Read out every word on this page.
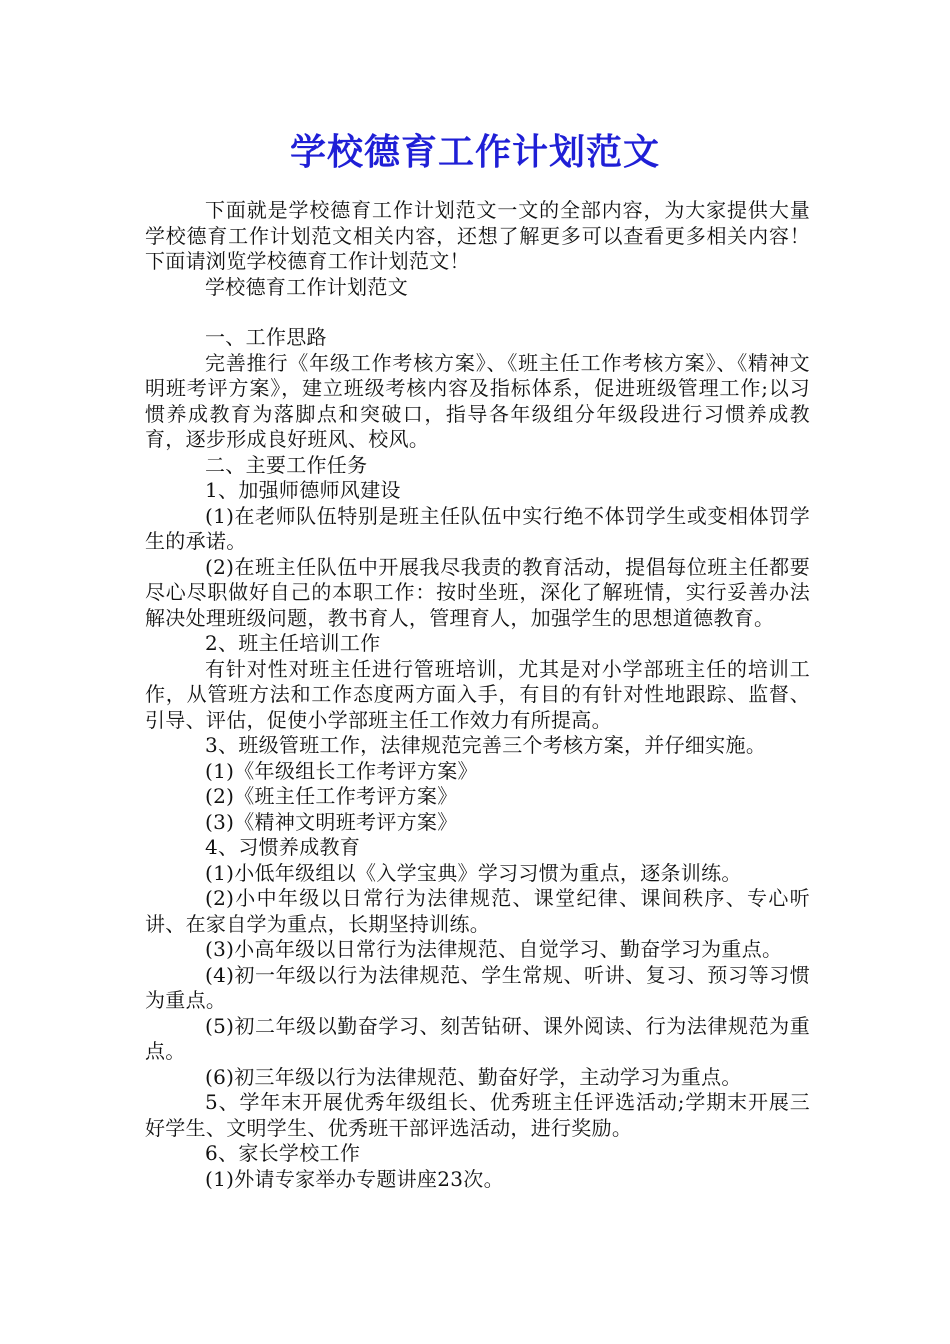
学校德育工作计划范文

下面就是学校德育工作计划范文一文的全部内容，为大家提供大量学校德育工作计划范文相关内容，还想了解更多可以查看更多相关内容！下面请浏览学校德育工作计划范文！

学校德育工作计划范文

一、工作思路

完善推行《年级工作考核方案》、《班主任工作考核方案》、《精神文明班考评方案》，建立班级考核内容及指标体系，促进班级管理工作;以习惯养成教育为落脚点和突破口，指导各年级组分年级段进行习惯养成教育，逐步形成良好班风、校风。

二、主要工作任务

1、加强师德师风建设

(1)在老师队伍特别是班主任队伍中实行绝不体罚学生或变相体罚学生的承诺。

(2)在班主任队伍中开展我尽我责的教育活动，提倡每位班主任都要尽心尽职做好自己的本职工作：按时坐班，深化了解班情，实行妥善办法解决处理班级问题，教书育人，管理育人，加强学生的思想道德教育。

2、班主任培训工作

有针对性对班主任进行管班培训，尤其是对小学部班主任的培训工作，从管班方法和工作态度两方面入手，有目的有针对性地跟踪、监督、引导、评估，促使小学部班主任工作效力有所提高。

3、班级管班工作，法律规范完善三个考核方案，并仔细实施。

(1)《年级组长工作考评方案》

(2)《班主任工作考评方案》

(3)《精神文明班考评方案》

4、习惯养成教育

(1)小低年级组以《入学宝典》学习习惯为重点，逐条训练。

(2)小中年级以日常行为法律规范、课堂纪律、课间秩序、专心听讲、在家自学为重点，长期坚持训练。

(3)小高年级以日常行为法律规范、自觉学习、勤奋学习为重点。

(4)初一年级以行为法律规范、学生常规、听讲、复习、预习等习惯为重点。

(5)初二年级以勤奋学习、刻苦钻研、课外阅读、行为法律规范为重点。

(6)初三年级以行为法律规范、勤奋好学，主动学习为重点。

5、学年末开展优秀年级组长、优秀班主任评选活动;学期末开展三好学生、文明学生、优秀班干部评选活动，进行奖励。

6、家长学校工作

(1)外请专家举办专题讲座23次。
